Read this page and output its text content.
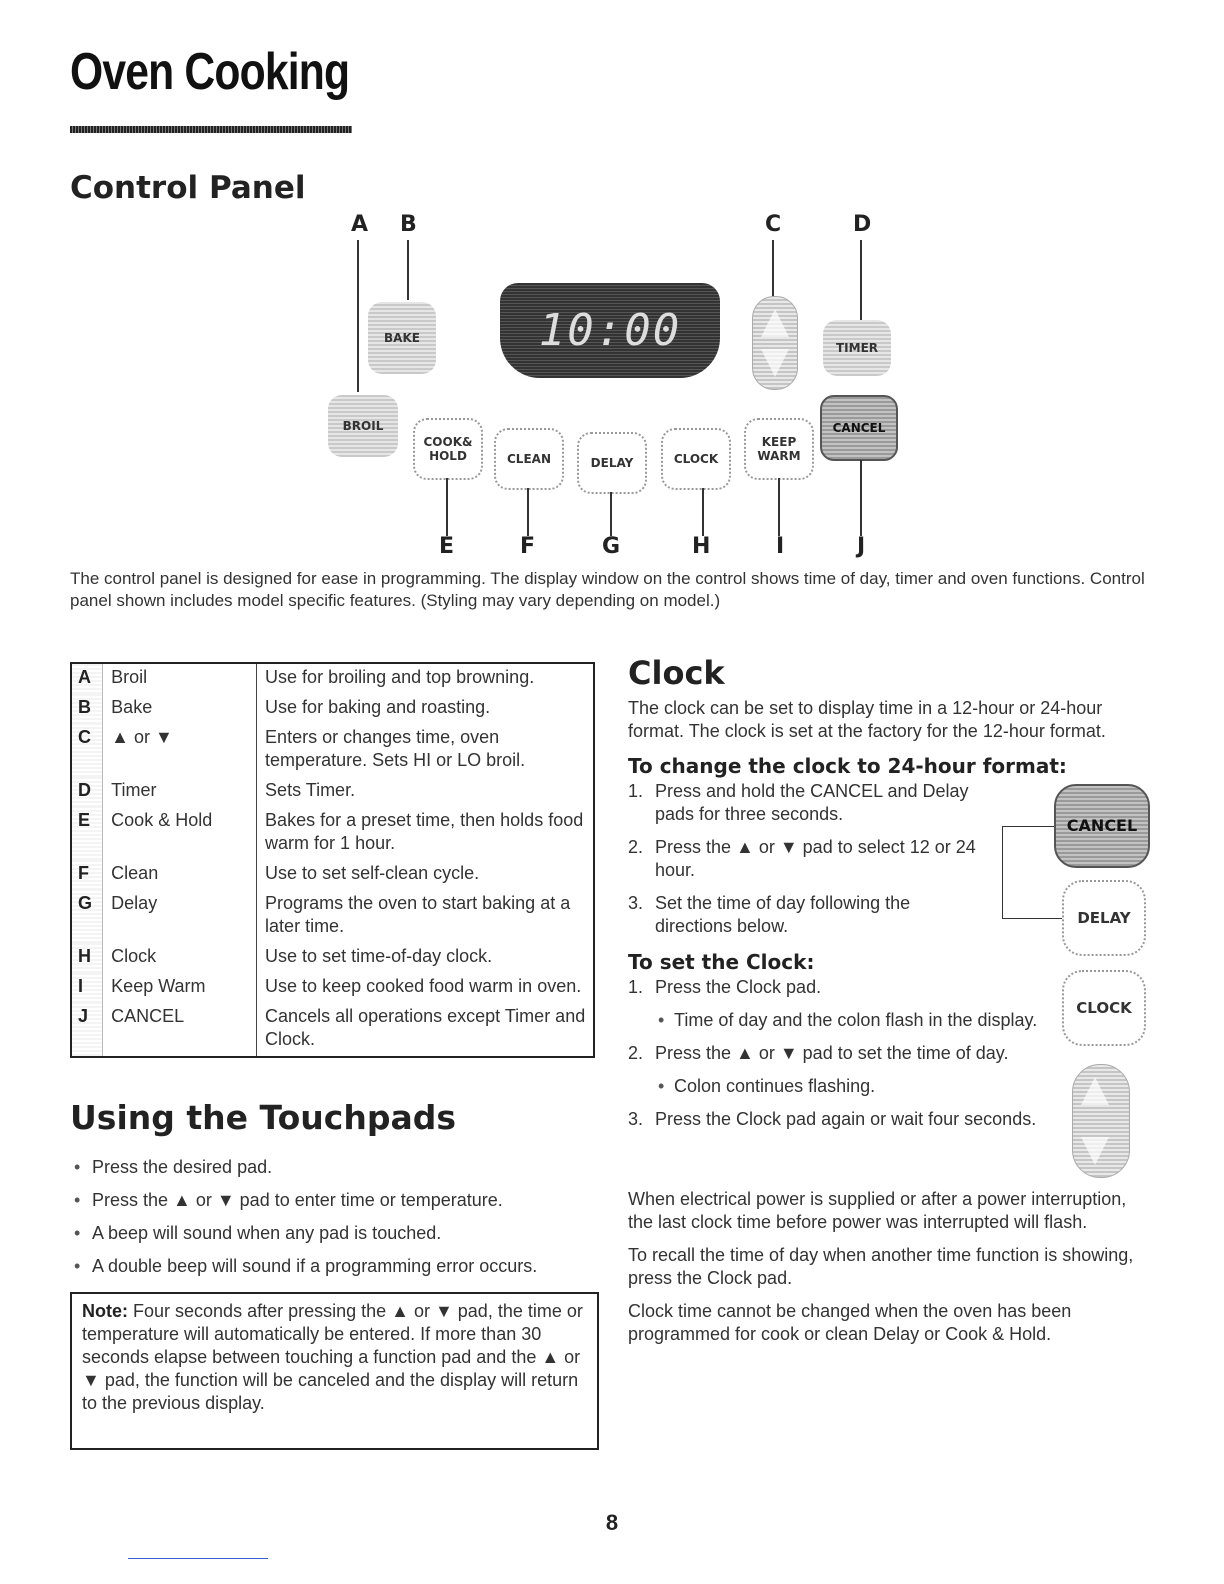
Oven Cooking
Control Panel
A B	C	D
BAKE	10:00	TIMER
BROIL
COOK& HOLD	CLEAN	DELAY	CLOCK
KEEP WARM
CANCEL
E	F	G	H	I	J

The control panel is designed for ease in programming. The display window on the control shows time of day, timer and oven functions. Control panel shown includes model specific features. (Styling may vary depending on model.)

A	Broil	Use for broiling and top browning.
B	Bake	Use for baking and roasting.
C	▲ or ▼	Enters or changes time, oven temperature. Sets HI or LO broil.
D	Timer	Sets Timer.
E	Cook & Hold	Bakes for a preset time, then holds food warm for 1 hour.
F	Clean	Use to set self-clean cycle.
G	Delay	Programs the oven to start baking at a later time.
H	Clock	Use to set time-of-day clock.
I	Keep Warm	Use to keep cooked food warm in oven.
J	CANCEL	Cancels all operations except Timer and Clock.
Using the Touchpads
• Press the desired pad.
• Press the ▲ or ▼ pad to enter time or temperature.
• A beep will sound when any pad is touched.
• A double beep will sound if a programming error occurs.
Note: Four seconds after pressing the ▲ or ▼ pad, the time or temperature will automatically be entered. If more than 30 seconds elapse between touching a function pad and the ▲ or ▼ pad, the function will be canceled and the display will return to the previous display.
Clock

The clock can be set to display time in a 12-hour or 24-hour format. The clock is set at the factory for the 12-hour format.

To change the clock to 24-hour format:
1. Press and hold the CANCEL and Delay pads for three seconds.
2. Press the ▲ or ▼ pad to select 12 or 24 hour.
3. Set the time of day following the directions below.
To set the Clock:
1. Press the Clock pad.
• Time of day and the colon flash in the display.
2. Press the ▲ or ▼ pad to set the time of day.
• Colon continues flashing.
3. Press the Clock pad again or wait four seconds.

When electrical power is supplied or after a power interruption, the last clock time before power was interrupted will flash.

To recall the time of day when another time function is showing, press the Clock pad.

Clock time cannot be changed when the oven has been programmed for cook or clean Delay or Cook & Hold.

CANCEL
DELAY
CLOCK
8
